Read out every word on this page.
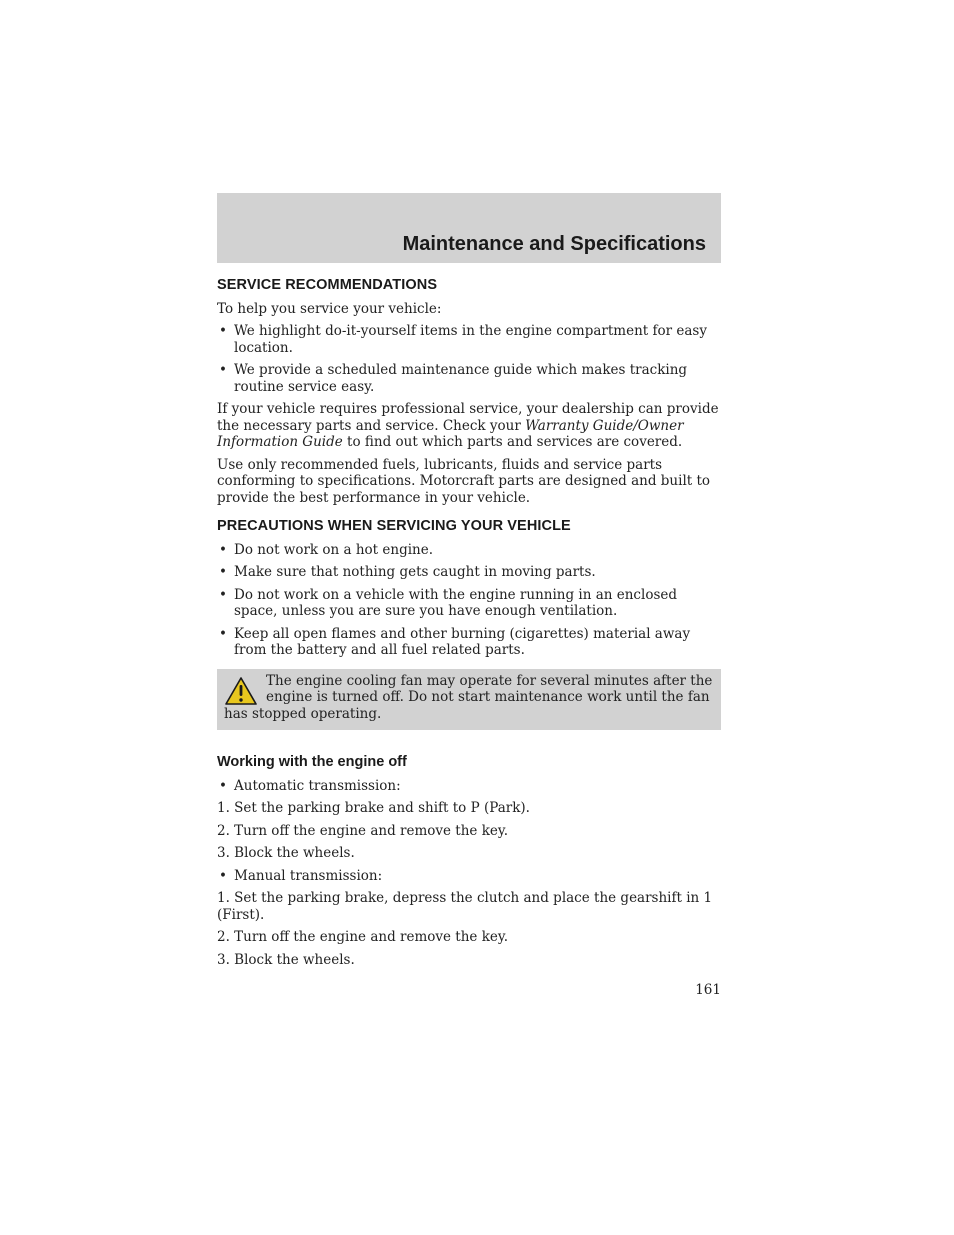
Maintenance and Specifications
SERVICE RECOMMENDATIONS

To help you service your vehicle:

• We highlight do-it-yourself items in the engine compartment for easy location.
• We provide a scheduled maintenance guide which makes tracking routine service easy.

If your vehicle requires professional service, your dealership can provide the necessary parts and service. Check your Warranty Guide/Owner Information Guide to find out which parts and services are covered.

Use only recommended fuels, lubricants, fluids and service parts conforming to specifications. Motorcraft parts are designed and built to provide the best performance in your vehicle.

PRECAUTIONS WHEN SERVICING YOUR VEHICLE
• Do not work on a hot engine.
• Make sure that nothing gets caught in moving parts.
• Do not work on a vehicle with the engine running in an enclosed space, unless you are sure you have enough ventilation.
• Keep all open flames and other burning (cigarettes) material away from the battery and all fuel related parts.

The engine cooling fan may operate for several minutes after the engine is turned off. Do not start maintenance work until the fan has stopped operating.

Working with the engine off
• Automatic transmission:

1. Set the parking brake and shift to P (Park).

2. Turn off the engine and remove the key.

3. Block the wheels.

• Manual transmission:

1. Set the parking brake, depress the clutch and place the gearshift in 1 (First).

2. Turn off the engine and remove the key.

3. Block the wheels.

161
